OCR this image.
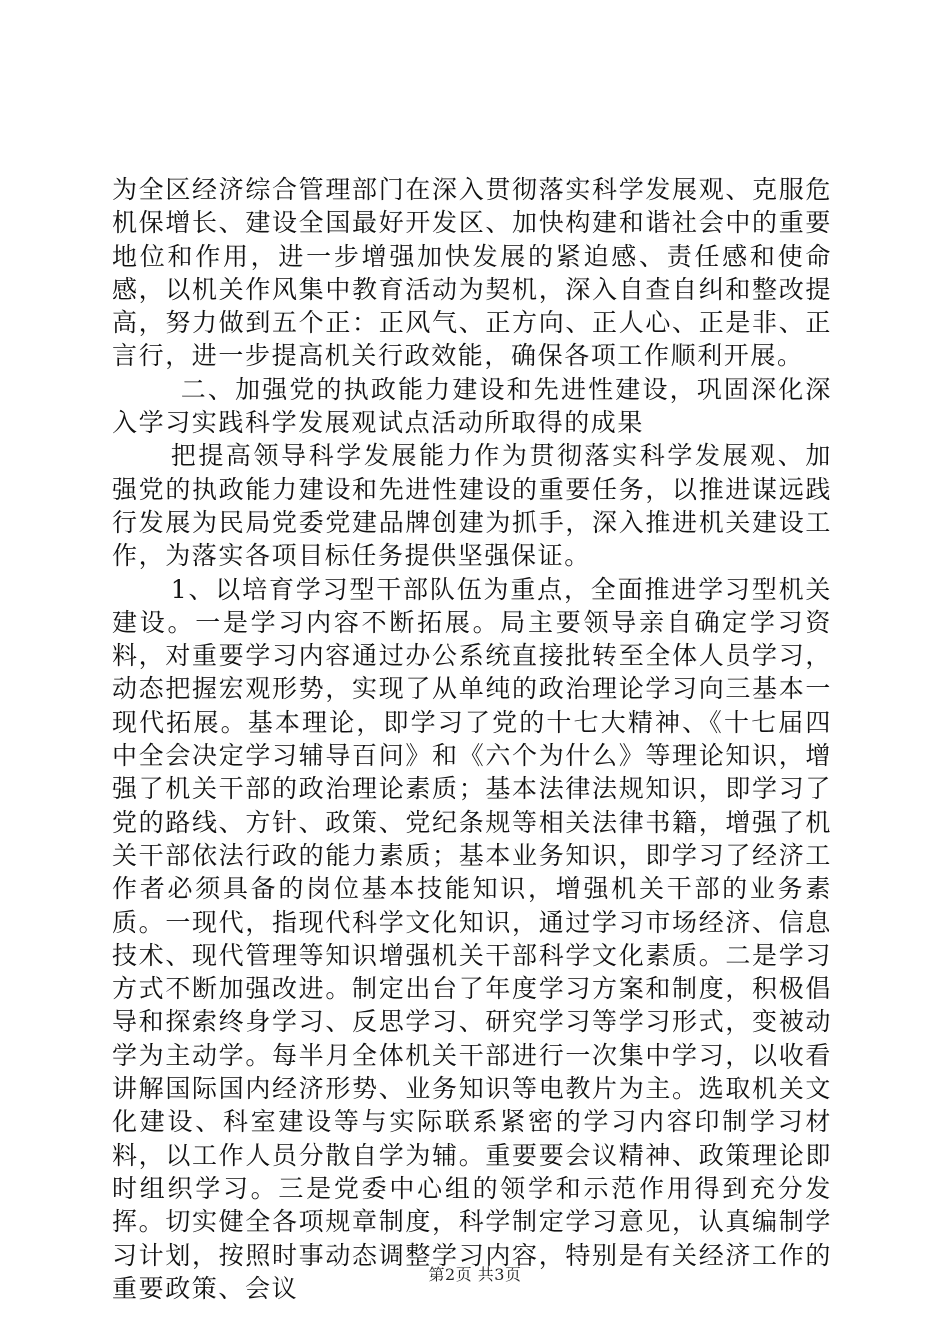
为全区经济综合管理部门在深入贯彻落实科学发展观、克服危机保增长、建设全国最好开发区、加快构建和谐社会中的重要地位和作用，进一步增强加快发展的紧迫感、责任感和使命感，以机关作风集中教育活动为契机，深入自查自纠和整改提高，努力做到五个正：正风气、正方向、正人心、正是非、正言行，进一步提高机关行政效能，确保各项工作顺利开展。

二、加强党的执政能力建设和先进性建设，巩固深化深入学习实践科学发展观试点活动所取得的成果

把提高领导科学发展能力作为贯彻落实科学发展观、加强党的执政能力建设和先进性建设的重要任务，以推进谋远践行发展为民局党委党建品牌创建为抓手，深入推进机关建设工作，为落实各项目标任务提供坚强保证。

1、以培育学习型干部队伍为重点，全面推进学习型机关建设。一是学习内容不断拓展。局主要领导亲自确定学习资料，对重要学习内容通过办公系统直接批转至全体人员学习，动态把握宏观形势，实现了从单纯的政治理论学习向三基本一现代拓展。基本理论，即学习了党的十七大精神、《十七届四中全会决定学习辅导百问》和《六个为什么》等理论知识，增强了机关干部的政治理论素质；基本法律法规知识，即学习了党的路线、方针、政策、党纪条规等相关法律书籍，增强了机关干部依法行政的能力素质；基本业务知识，即学习了经济工作者必须具备的岗位基本技能知识，增强机关干部的业务素质。一现代，指现代科学文化知识，通过学习市场经济、信息技术、现代管理等知识增强机关干部科学文化素质。二是学习方式不断加强改进。制定出台了年度学习方案和制度，积极倡导和探索终身学习、反思学习、研究学习等学习形式，变被动学为主动学。每半月全体机关干部进行一次集中学习，以收看讲解国际国内经济形势、业务知识等电教片为主。选取机关文化建设、科室建设等与实际联系紧密的学习内容印制学习材料，以工作人员分散自学为辅。重要要会议精神、政策理论即时组织学习。三是党委中心组的领学和示范作用得到充分发挥。切实健全各项规章制度，科学制定学习意见，认真编制学习计划，按照时事动态调整学习内容，特别是有关经济工作的重要政策、会议	第2页 共3页
